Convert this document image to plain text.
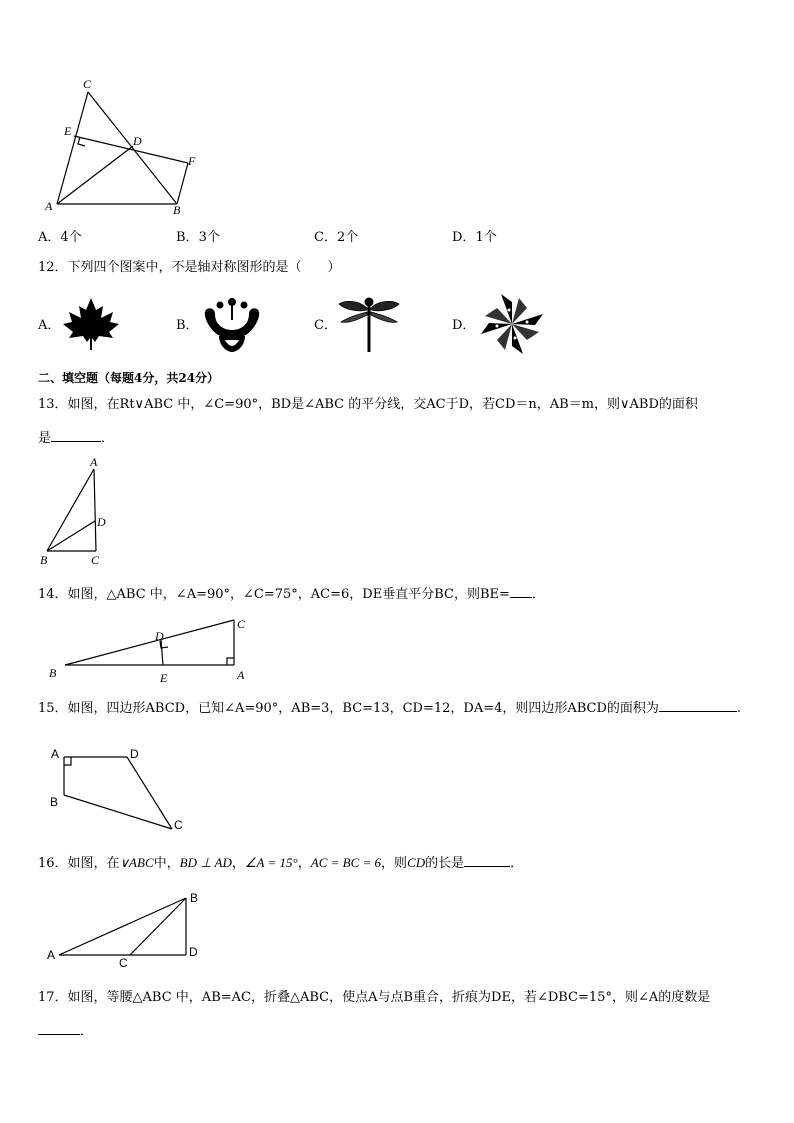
C
E
D
F
A	B
A．4个	B．3个	C．2个	D．1个
12．下列四个图案中，不是轴对称图形的是（　　）
A．	B．	C．	D．
二、填空题（每题4分，共24分）
13．如图，在Rt∨ABC 中，∠C=90°，BD是∠ABC 的平分线，交AC于D，若CD＝n，AB＝m，则∨ABD的面积
是	．
A
D
B	C
14．如图，△ABC 中，∠A=90°，∠C=75°，AC=6，DE垂直平分BC，则BE= ．
C
D
B	E	A
15．如图，四边形ABCD，已知∠A=90°，AB=3，BC=13，CD=12，DA=4，则四边形ABCD的面积为	.
A	D
B
C
16．如图，在∨ABC中，BD ⊥ AD，∠A = 15°，AC = BC = 6，则CD的长是	．
B
A
C
D
17．如图，等腰△ABC 中，AB=AC，折叠△ABC，使点A与点B重合，折痕为DE，若∠DBC=15°，则∠A的度数是
．
